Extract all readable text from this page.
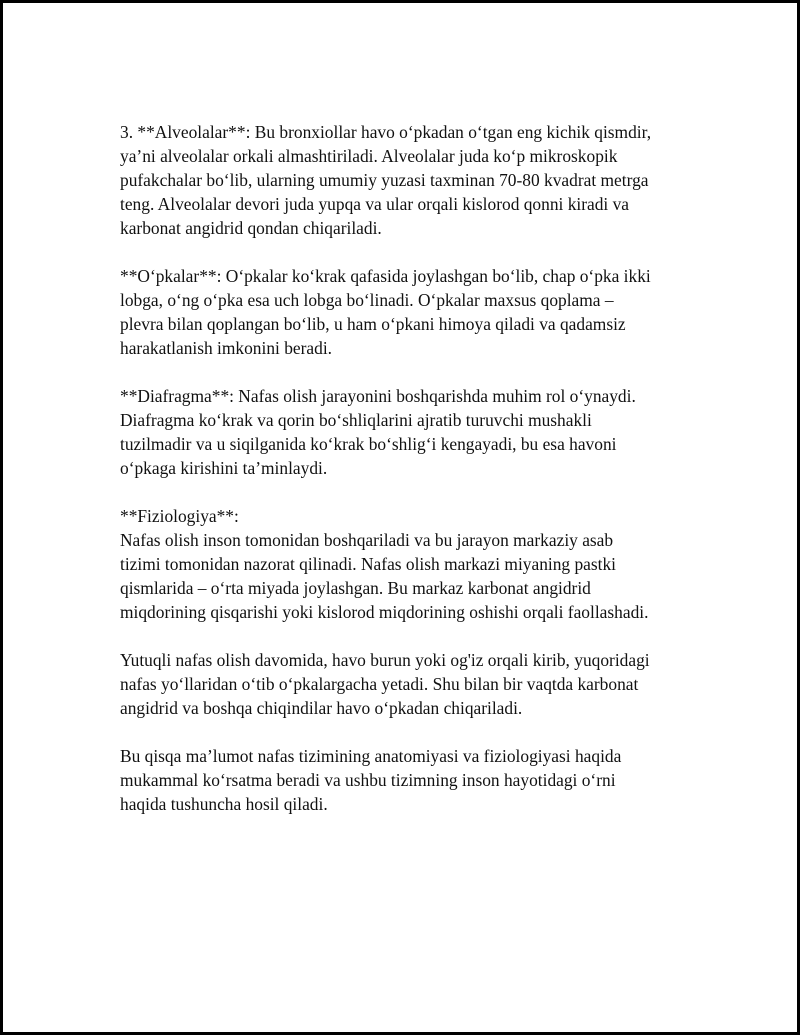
3. **Alveolalar**: Bu bronxiollar havo o‘pkadan o‘tgan eng kichik qismdir,
ya’ni alveolalar orkali almashtiriladi. Alveolalar juda ko‘p mikroskopik
pufakchalar bo‘lib, ularning umumiy yuzasi taxminan 70-80 kvadrat metrga
teng. Alveolalar devori juda yupqa va ular orqali kislorod qonni kiradi va
karbonat angidrid qondan chiqariladi.

**O‘pkalar**: O‘pkalar ko‘krak qafasida joylashgan bo‘lib, chap o‘pka ikki
lobga, o‘ng o‘pka esa uch lobga bo‘linadi. O‘pkalar maxsus qoplama –
plevra bilan qoplangan bo‘lib, u ham o‘pkani himoya qiladi va qadamsiz
harakatlanish imkonini beradi.

**Diafragma**: Nafas olish jarayonini boshqarishda muhim rol o‘ynaydi.
Diafragma ko‘krak va qorin bo‘shliqlarini ajratib turuvchi mushakli
tuzilmadir va u siqilganida ko‘krak bo‘shlig‘i kengayadi, bu esa havoni
o‘pkaga kirishini ta’minlaydi.

**Fiziologiya**:
Nafas olish inson tomonidan boshqariladi va bu jarayon markaziy asab
tizimi tomonidan nazorat qilinadi. Nafas olish markazi miyaning pastki
qismlarida – o‘rta miyada joylashgan. Bu markaz karbonat angidrid
miqdorining qisqarishi yoki kislorod miqdorining oshishi orqali faollashadi.

Yutuqli nafas olish davomida, havo burun yoki og'iz orqali kirib, yuqoridagi
nafas yo‘llaridan o‘tib o‘pkalargacha yetadi. Shu bilan bir vaqtda karbonat
angidrid va boshqa chiqindilar havo o‘pkadan chiqariladi.

Bu qisqa ma’lumot nafas tizimining anatomiyasi va fiziologiyasi haqida
mukammal ko‘rsatma beradi va ushbu tizimning inson hayotidagi o‘rni
haqida tushuncha hosil qiladi.
